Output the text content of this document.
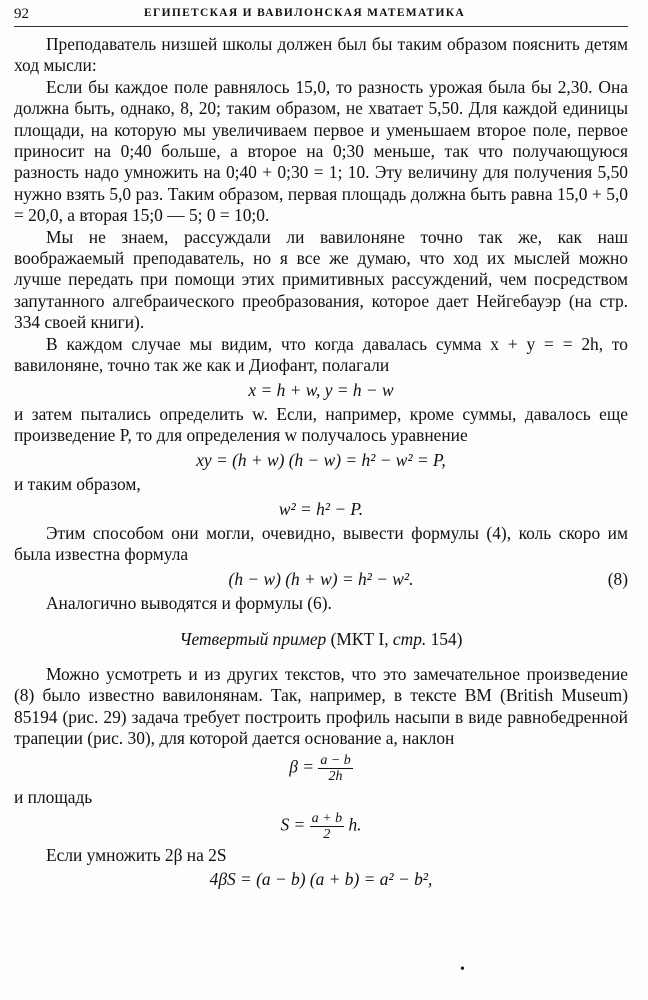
92	ЕГИПЕТСКАЯ И ВАВИЛОНСКАЯ МАТЕМАТИКА

Преподаватель низшей школы должен был бы таким образом пояснить детям ход мысли:

Если бы каждое поле равнялось 15,0, то разность урожая была бы 2,30. Она должна быть, однако, 8, 20; таким образом, не хватает 5,50. Для каждой единицы площади, на которую мы увеличиваем первое и уменьшаем второе поле, первое приносит на 0;40 больше, а второе на 0;30 меньше, так что получающуюся разность надо умножить на 0;40 + 0;30 = 1; 10. Эту величину для получения 5,50 нужно взять 5,0 раз. Таким образом, первая площадь должна быть равна 15,0 + 5,0 = 20,0, а вторая 15;0 — 5; 0 = 10;0.

Мы не знаем, рассуждали ли вавилоняне точно так же, как наш воображаемый преподаватель, но я все же думаю, что ход их мыслей можно лучше передать при помощи этих примитивных рассуждений, чем посредством запутанного алгебраического преобразования, которое дает Нейгебауэр (на стр. 334 своей книги).

В каждом случае мы видим, что когда давалась сумма x + y = = 2h, то вавилоняне, точно так же как и Диофант, полагали

x = h + w, y = h − w

и затем пытались определить w. Если, например, кроме суммы, давалось еще произведение P, то для определения w получалось уравнение

xy = (h + w) (h − w) = h² − w² = P,

и таким образом,

w² = h² − P.

Этим способом они могли, очевидно, вывести формулы (4), коль скоро им была известна формула

(h − w) (h + w) = h² − w².	(8)

Аналогично выводятся и формулы (6).

Четвертый пример (МКТ I, стр. 154)

Можно усмотреть и из других текстов, что это замечательное произведение (8) было известно вавилонянам. Так, например, в тексте BM (British Museum) 85194 (рис. 29) задача требует построить профиль насыпи в виде равнобедренной трапеции (рис. 30), для которой дается основание a, наклон

$\beta = \frac{a - b}{2h}$

и площадь

$S = \frac{a + b}{2} h$.

Если умножить 2β на 2S

4βS = (a − b) (a + b) = a² − b²,
•
